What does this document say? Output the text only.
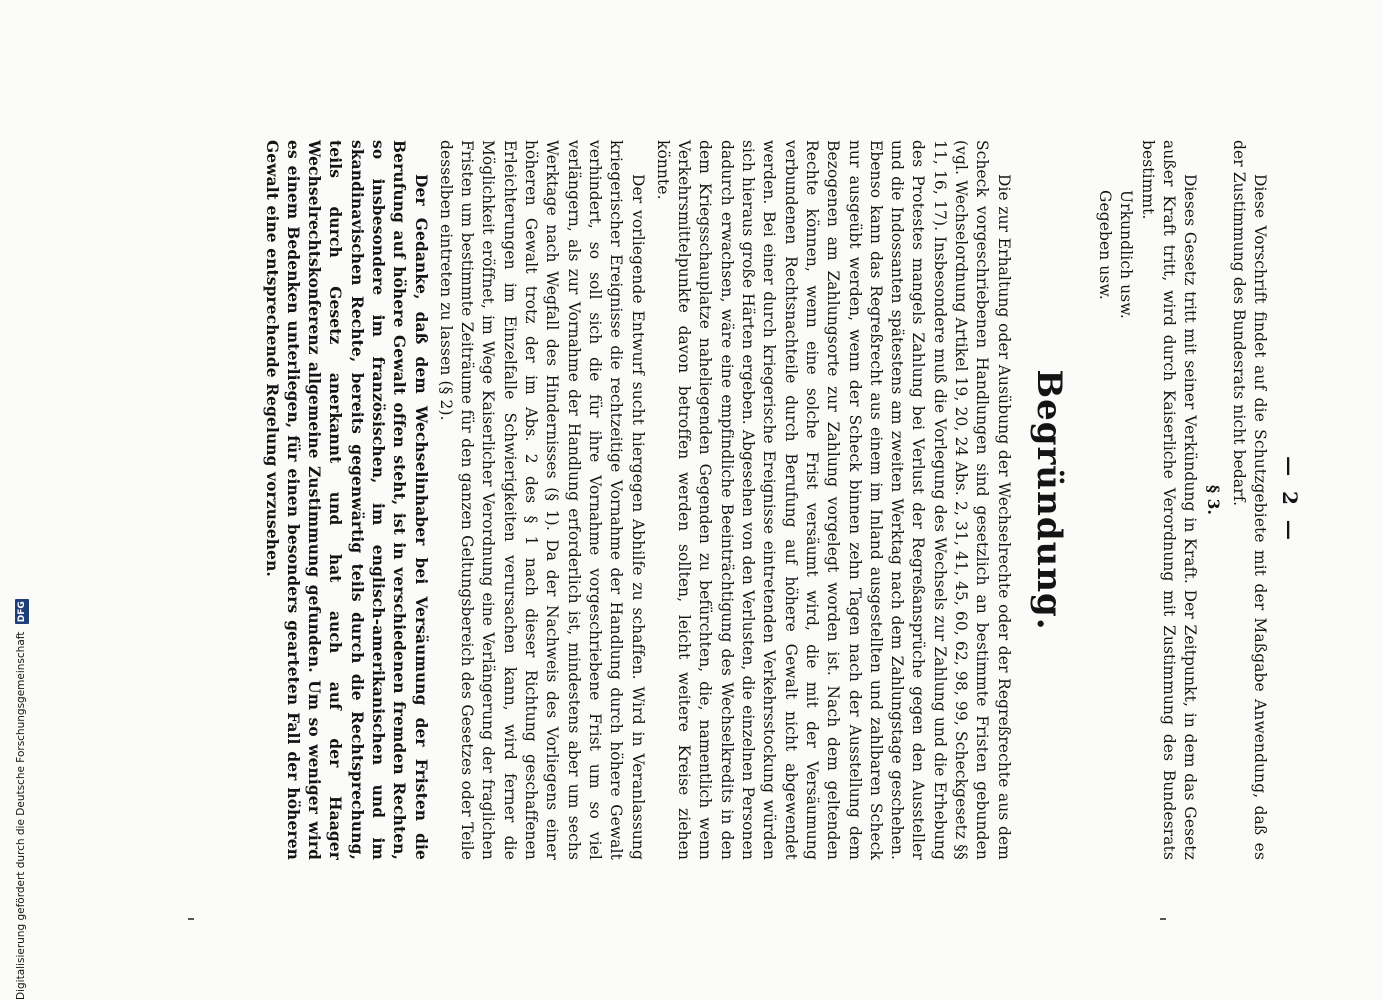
— 2 —

Diese Vorschrift findet auf die Schutzgebiete mit der Maßgabe Anwendung, daß es der Zustimmung des Bundesrats nicht bedarf.

§ 3.

Dieses Gesetz tritt mit seiner Verkündung in Kraft. Der Zeitpunkt, in dem das Gesetz außer Kraft tritt, wird durch Kaiserliche Verordnung mit Zustimmung des Bundesrats bestimmt.

Urkundlich usw.

Gegeben usw.

Begründung.

Die zur Erhaltung oder Ausübung der Wechselrechte oder der Regreßrechte aus dem Scheck vorgeschriebenen Handlungen sind gesetzlich an bestimmte Fristen gebunden (vgl. Wechselordnung Artikel 19, 20, 24 Abs. 2, 31, 41, 45, 60, 62, 98, 99, Scheckgesetz §§ 11, 16, 17). Insbesondere muß die Vorlegung des Wechsels zur Zahlung und die Erhebung des Protestes mangels Zahlung bei Verlust der Regreßansprüche gegen den Aussteller und die Indossanten spätestens am zweiten Werktag nach dem Zahlungstage geschehen. Ebenso kann das Regreßrecht aus einem im Inland ausgestellten und zahlbaren Scheck nur ausgeübt werden, wenn der Scheck binnen zehn Tagen nach der Ausstellung dem Bezogenen am Zahlungsorte zur Zahlung vorgelegt worden ist. Nach dem geltenden Rechte können, wenn eine solche Frist versäumt wird, die mit der Versäumung verbundenen Rechtsnachteile durch Berufung auf höhere Gewalt nicht abgewendet werden. Bei einer durch kriegerische Ereignisse eintretenden Verkehrsstockung würden sich hieraus große Härten ergeben. Abgesehen von den Verlusten, die einzelnen Personen dadurch erwachsen, wäre eine empfindliche Beeinträchtigung des Wechselkredits in den dem Kriegsschauplatze naheliegenden Gegenden zu befürchten, die, namentlich wenn Verkehrsmittelpunkte davon betroffen werden sollten, leicht weitere Kreise ziehen könnte.

Der vorliegende Entwurf sucht hiergegen Abhilfe zu schaffen. Wird in Veranlassung kriegerischer Ereignisse die rechtzeitige Vornahme der Handlung durch höhere Gewalt verhindert, so soll sich die für ihre Vornahme vorgeschriebene Frist um so viel verlängern, als zur Vornahme der Handlung erforderlich ist, mindestens aber um sechs Werktage nach Wegfall des Hindernisses (§ 1). Da der Nachweis des Vorliegens einer höheren Gewalt trotz der im Abs. 2 des § 1 nach dieser Richtung geschaffenen Erleichterungen im Einzelfalle Schwierigkeiten verursachen kann, wird ferner die Möglichkeit eröffnet, im Wege Kaiserlicher Verordnung eine Verlängerung der fraglichen Fristen um bestimmte Zeiträume für den ganzen Geltungsbereich des Gesetzes oder Teile desselben eintreten zu lassen (§ 2).

Der Gedanke, daß dem Wechselinhaber bei Versäumung der Fristen die Berufung auf höhere Gewalt offen steht, ist in verschiedenen fremden Rechten, so insbesondere im französischen, im englisch-amerikanischen und im skandinavischen Rechte, bereits gegenwärtig teils durch die Rechtsprechung, teils durch Gesetz anerkannt und hat auch auf der Haager Wechselrechtskonferenz allgemeine Zustimmung gefunden. Um so weniger wird es einem Bedenken unterliegen, für einen besonders gearteten Fall der höheren Gewalt eine entsprechende Regelung vorzusehen.

Digitalisierung gefördert durch die Deutsche Forschungsgemeinschaft DFG
